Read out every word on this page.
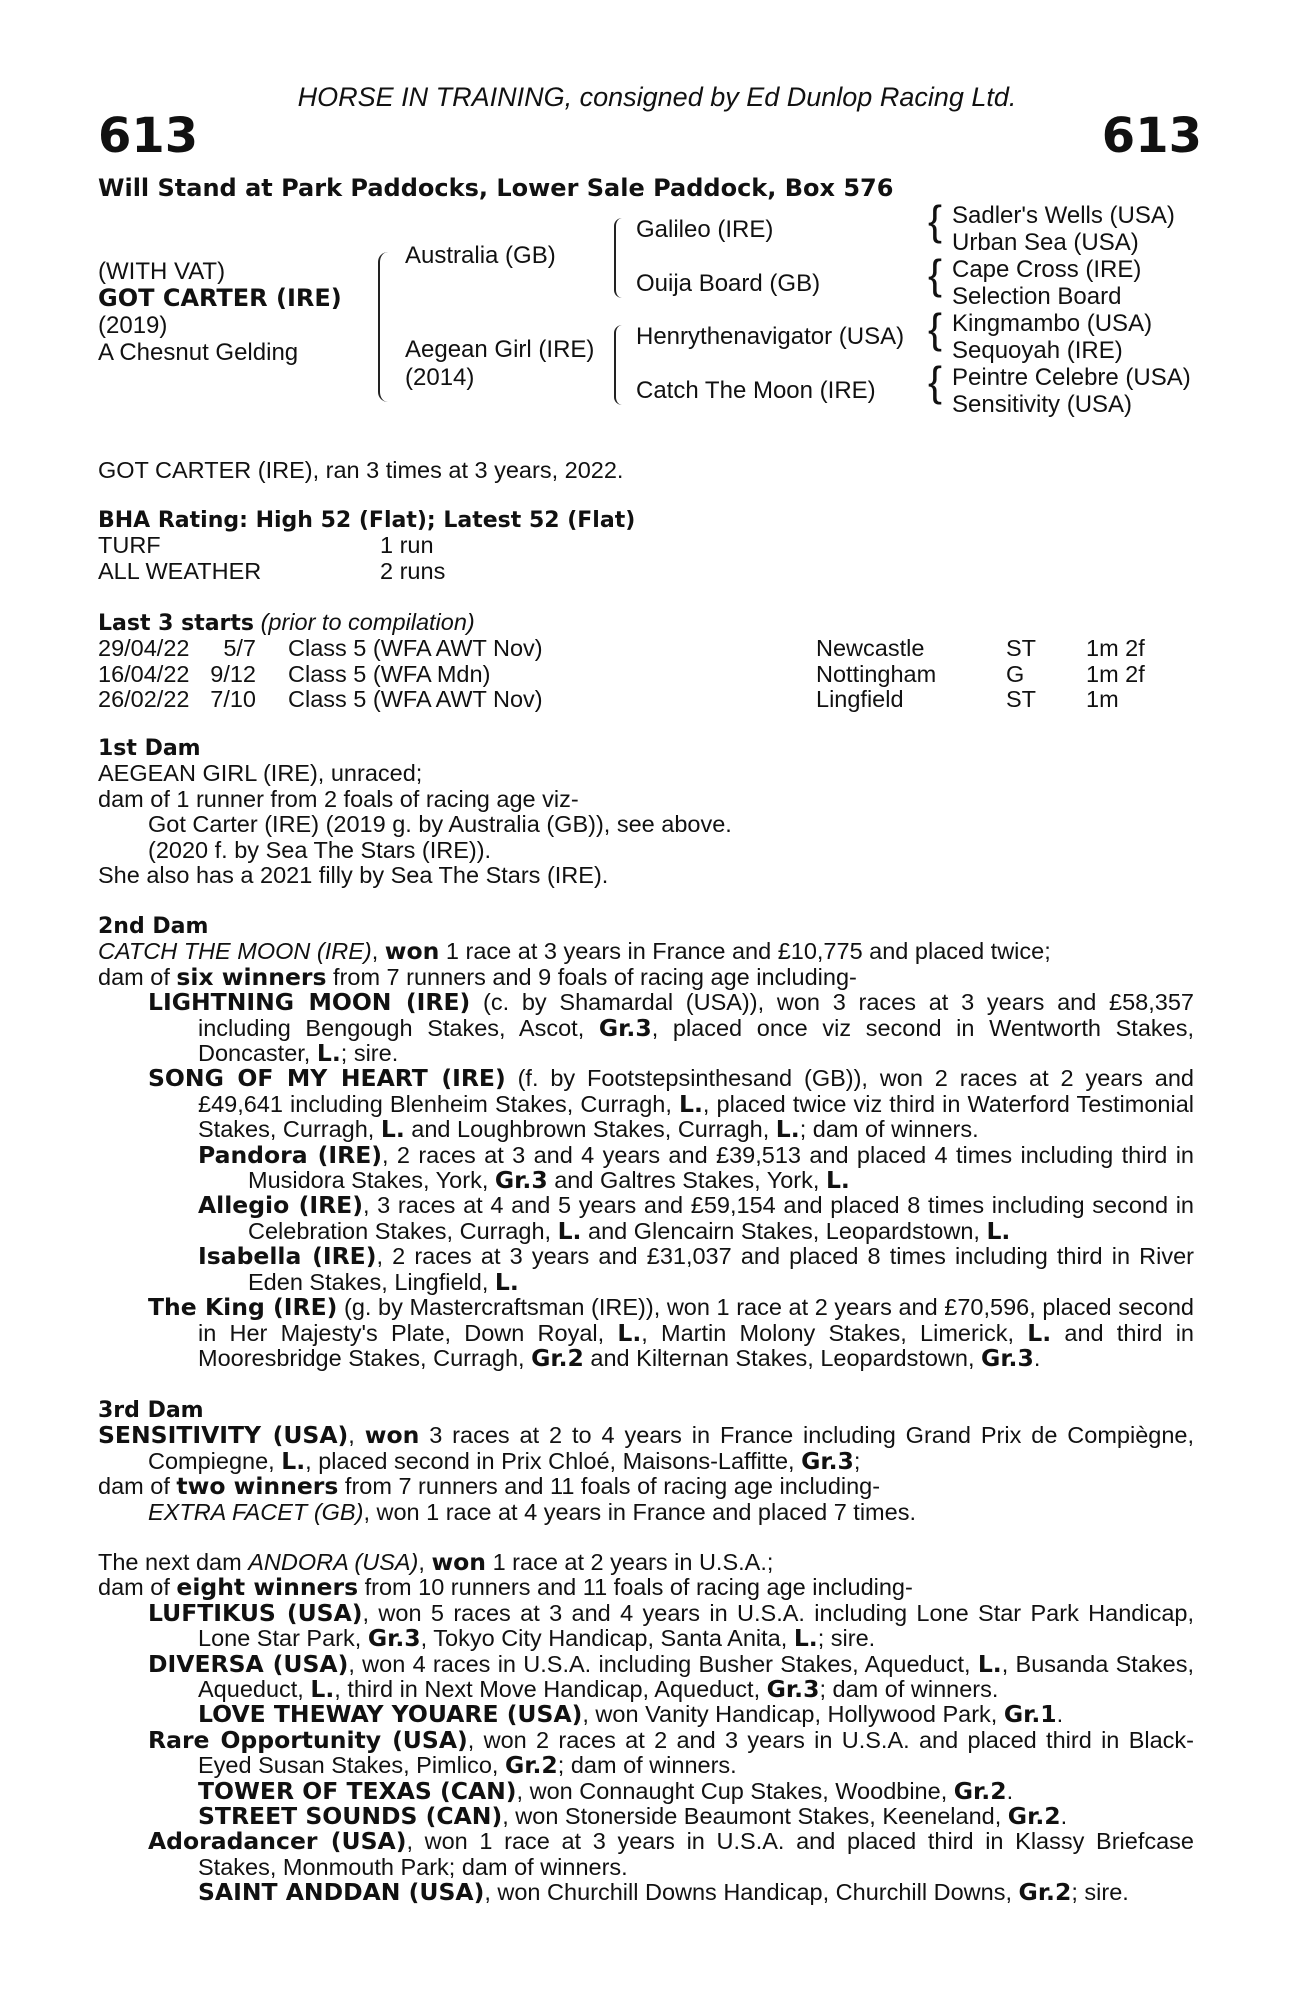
HORSE IN TRAINING, consigned by Ed Dunlop Racing Ltd.
613	613
Will Stand at Park Paddocks, Lower Sale Paddock, Box 576
(WITH VAT)
GOT CARTER (IRE)
(2019)
A Chesnut Gelding
Australia (GB)
Aegean Girl (IRE)
(2014)
Galileo (IRE)
Ouija Board (GB)
Henrythenavigator (USA)
Catch The Moon (IRE)
{
{
{
{
Sadler's Wells (USA)
Urban Sea (USA)
Cape Cross (IRE)
Selection Board
Kingmambo (USA)
Sequoyah (IRE)
Peintre Celebre (USA)
Sensitivity (USA)

GOT CARTER (IRE), ran 3 times at 3 years, 2022.

BHA Rating: High 52 (Flat); Latest 52 (Flat)

TURF	1 run
ALL WEATHER	2 runs

Last 3 starts (prior to compilation)

29/04/22	5/7 Class 5 (WFA AWT Nov)	Newcastle	ST 1m 2f
16/04/22 9/12 Class 5 (WFA Mdn)	Nottingham	G	1m 2f
26/02/22 7/10 Class 5 (WFA AWT Nov)	Lingfield	ST 1m

1st Dam

AEGEAN GIRL (IRE), unraced;

dam of 1 runner from 2 foals of racing age viz-

Got Carter (IRE) (2019 g. by Australia (GB)), see above.

(2020 f. by Sea The Stars (IRE)).

She also has a 2021 filly by Sea The Stars (IRE).

2nd Dam

CATCH THE MOON (IRE), won 1 race at 3 years in France and £10,775 and placed twice;

dam of six winners from 7 runners and 9 foals of racing age including-

LIGHTNING MOON (IRE) (c. by Shamardal (USA)), won 3 races at 3 years and £58,357 including Bengough Stakes, Ascot, Gr.3, placed once viz second in Wentworth Stakes, Doncaster, L.; sire.

SONG OF MY HEART (IRE) (f. by Footstepsinthesand (GB)), won 2 races at 2 years and £49,641 including Blenheim Stakes, Curragh, L., placed twice viz third in Waterford Testimonial Stakes, Curragh, L. and Loughbrown Stakes, Curragh, L.; dam of winners.

Pandora (IRE), 2 races at 3 and 4 years and £39,513 and placed 4 times including third in Musidora Stakes, York, Gr.3 and Galtres Stakes, York, L.

Allegio (IRE), 3 races at 4 and 5 years and £59,154 and placed 8 times including second in Celebration Stakes, Curragh, L. and Glencairn Stakes, Leopardstown, L.

Isabella (IRE), 2 races at 3 years and £31,037 and placed 8 times including third in River Eden Stakes, Lingfield, L.

The King (IRE) (g. by Mastercraftsman (IRE)), won 1 race at 2 years and £70,596, placed second in Her Majesty's Plate, Down Royal, L., Martin Molony Stakes, Limerick, L. and third in Mooresbridge Stakes, Curragh, Gr.2 and Kilternan Stakes, Leopardstown, Gr.3.

3rd Dam

SENSITIVITY (USA), won 3 races at 2 to 4 years in France including Grand Prix de Compiègne, Compiegne, L., placed second in Prix Chloé, Maisons-Laffitte, Gr.3;

dam of two winners from 7 runners and 11 foals of racing age including-

EXTRA FACET (GB), won 1 race at 4 years in France and placed 7 times.

The next dam ANDORA (USA), won 1 race at 2 years in U.S.A.;

dam of eight winners from 10 runners and 11 foals of racing age including-

LUFTIKUS (USA), won 5 races at 3 and 4 years in U.S.A. including Lone Star Park Handicap, Lone Star Park, Gr.3, Tokyo City Handicap, Santa Anita, L.; sire.

DIVERSA (USA), won 4 races in U.S.A. including Busher Stakes, Aqueduct, L., Busanda Stakes, Aqueduct, L., third in Next Move Handicap, Aqueduct, Gr.3; dam of winners.

LOVE THEWAY YOUARE (USA), won Vanity Handicap, Hollywood Park, Gr.1.

Rare Opportunity (USA), won 2 races at 2 and 3 years in U.S.A. and placed third in Black-Eyed Susan Stakes, Pimlico, Gr.2; dam of winners.

TOWER OF TEXAS (CAN), won Connaught Cup Stakes, Woodbine, Gr.2.

STREET SOUNDS (CAN), won Stonerside Beaumont Stakes, Keeneland, Gr.2.

Adoradancer (USA), won 1 race at 3 years in U.S.A. and placed third in Klassy Briefcase Stakes, Monmouth Park; dam of winners.

SAINT ANDDAN (USA), won Churchill Downs Handicap, Churchill Downs, Gr.2; sire.
